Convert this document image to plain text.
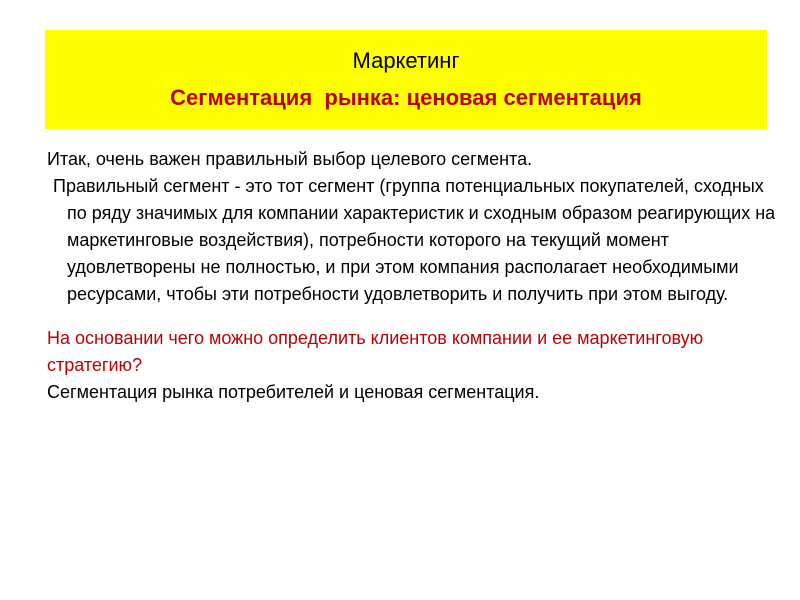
Маркетинг
Сегментация  рынка: ценовая сегментация

Итак, очень важен правильный выбор целевого сегмента.

Правильный сегмент - это тот сегмент (группа потенциальных покупателей, сходных по ряду значимых для компании характеристик и сходным образом реагирующих на маркетинговые воздействия), потребности которого на текущий момент удовлетворены не полностью, и при этом компания располагает необходимыми ресурсами, чтобы эти потребности удовлетворить и получить при этом выгоду.

На основании чего можно определить клиентов компании и ее маркетинговую стратегию?

Сегментация рынка потребителей и ценовая сегментация.
